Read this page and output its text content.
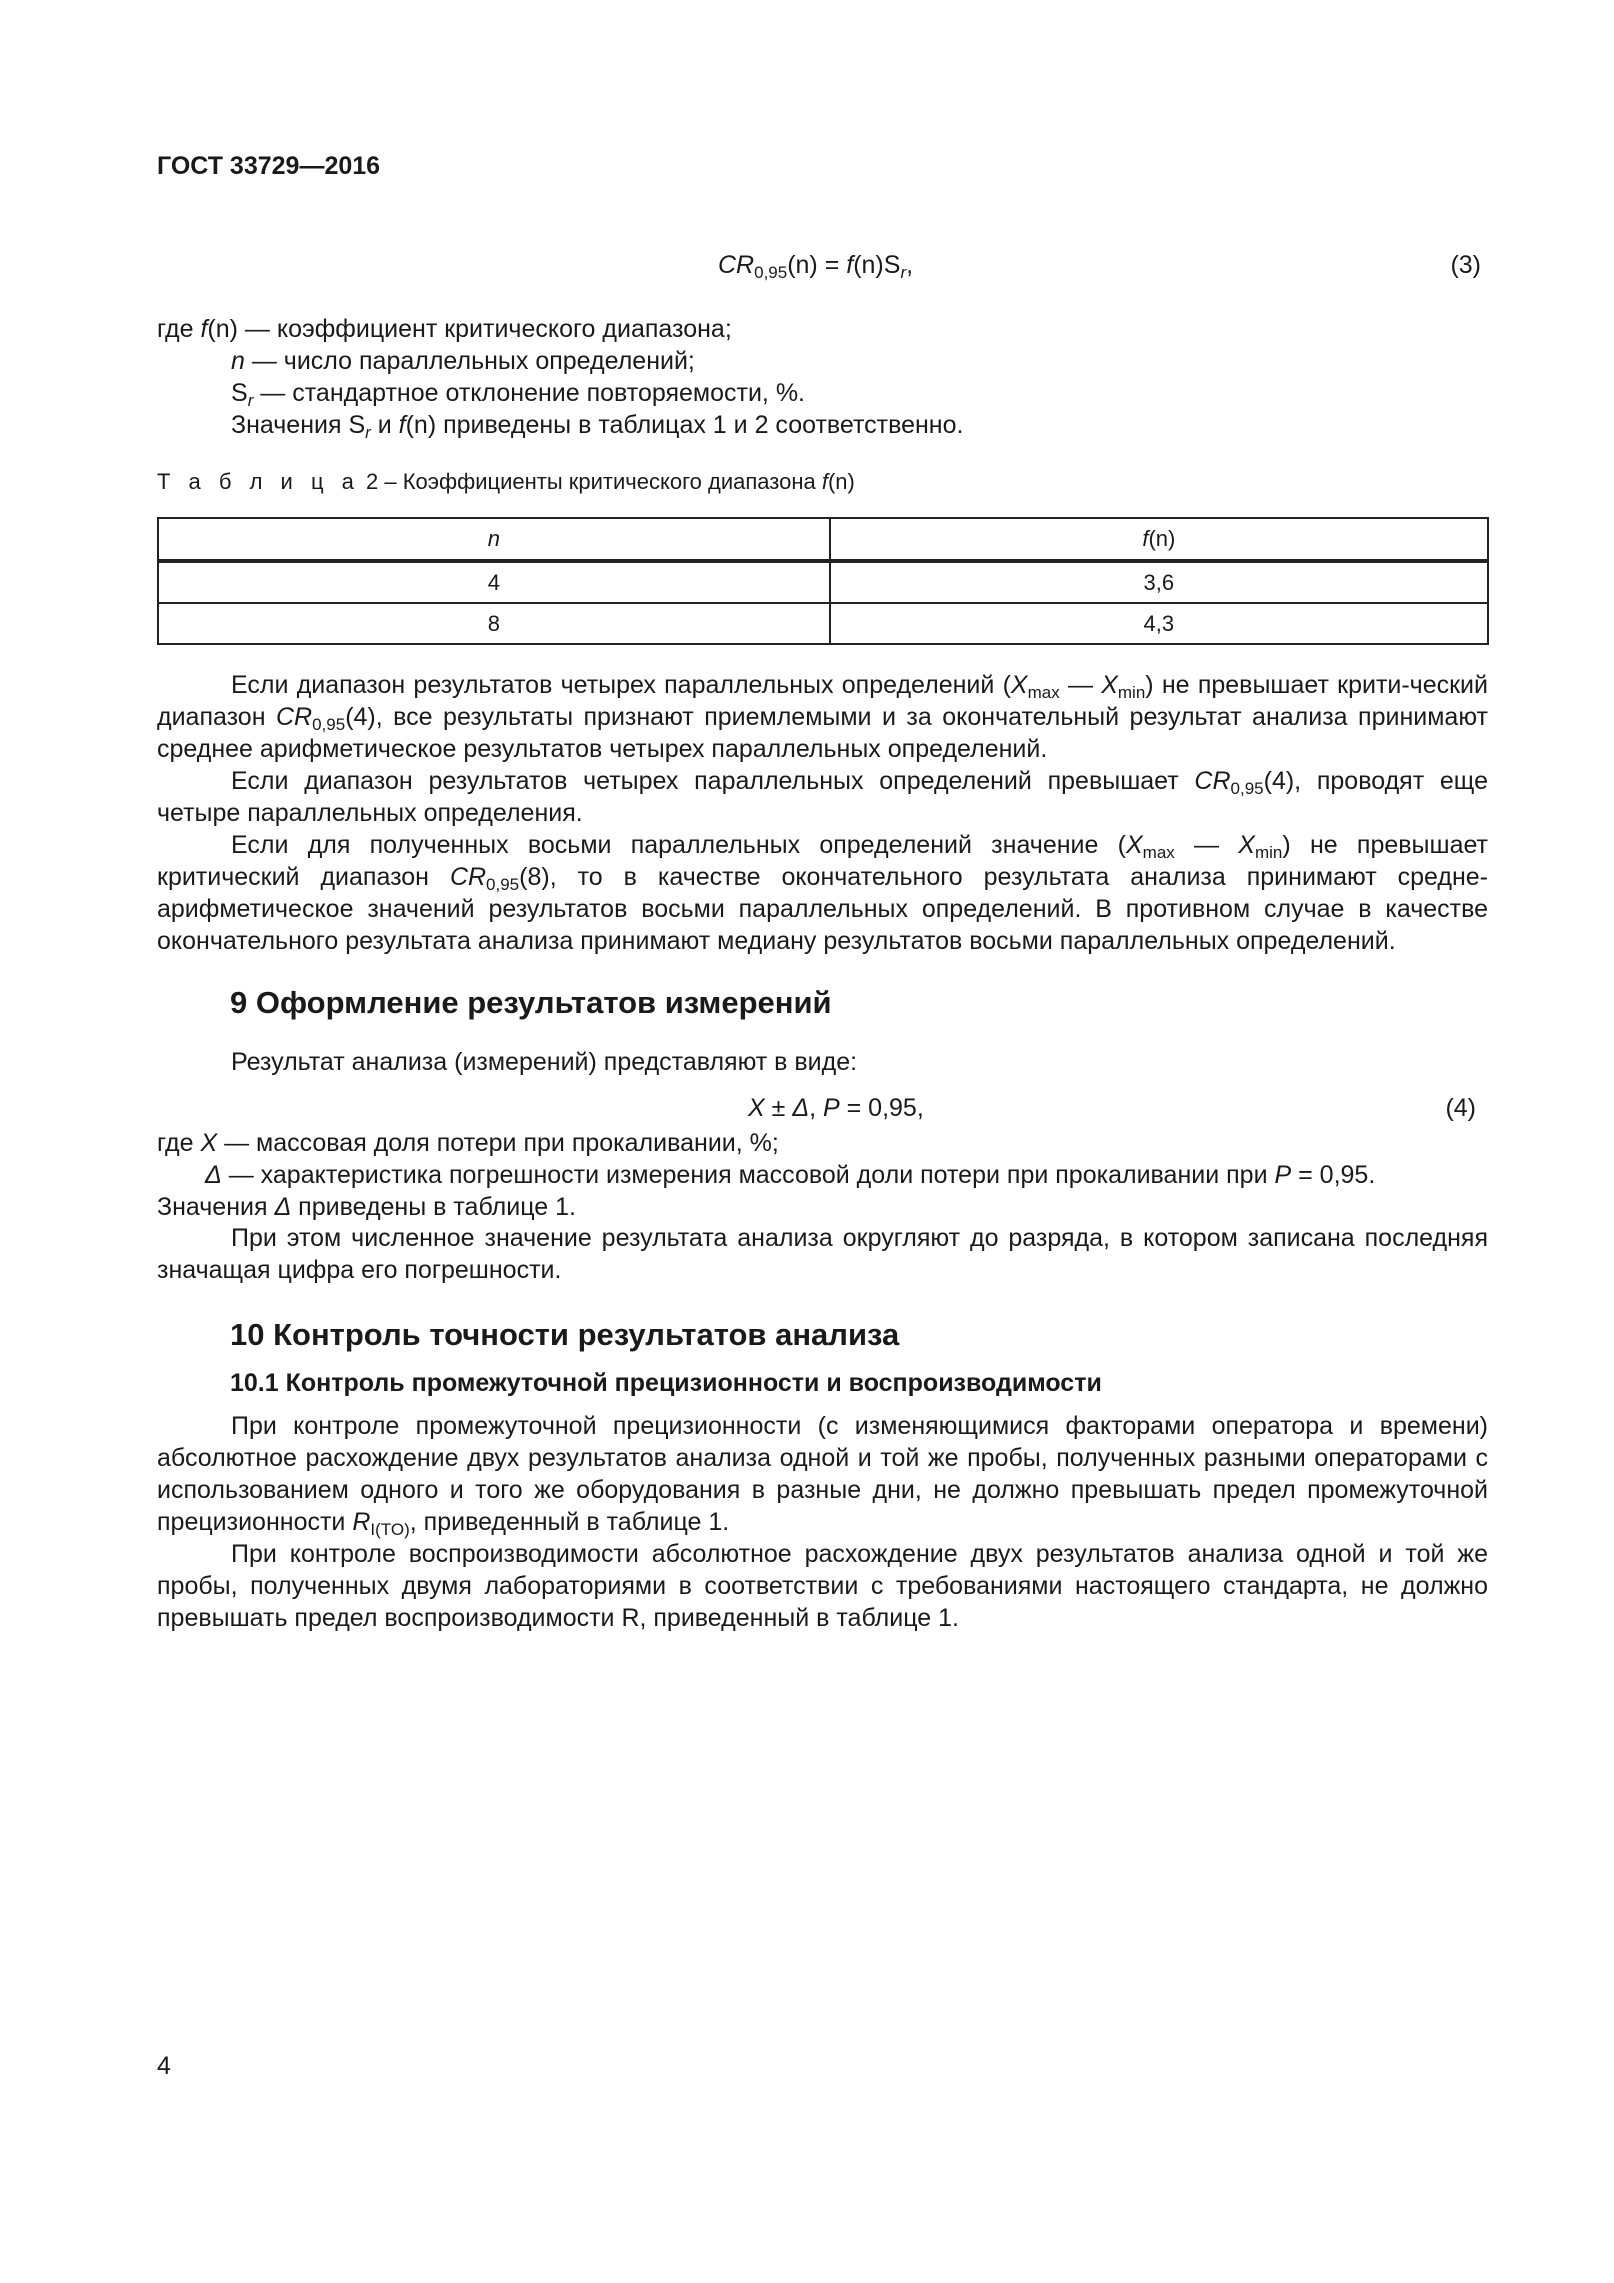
ГОСТ 33729—2016
$CR_{0,95}(n) = f(n)S_r$,	(3)

где f(n) — коэффициент критического диапазона;

n — число параллельных определений;

$S_r$ — стандартное отклонение повторяемости, %.

Значения $S_r$ и f(n) приведены в таблицах 1 и 2 соответственно.

Т а б л и ц а 2 – Коэффициенты критического диапазона f(n)
n	f(n)
4	3,6
8	4,3

Если диапазон результатов четырех параллельных определений ($X_{max}$ — $X_{min}$) не превышает крити-ческий диапазон $CR_{0,95}(4)$, все результаты признают приемлемыми и за окончательный результат анализа принимают среднее арифметическое результатов четырех параллельных определений.

Если диапазон результатов четырех параллельных определений превышает $CR_{0,95}(4)$, проводят еще четыре параллельных определения.

Если для полученных восьми параллельных определений значение ($X_{max}$ — $X_{min}$) не превышает критический диапазон $CR_{0,95}(8)$, то в качестве окончательного результата анализа принимают средне-арифметическое значений результатов восьми параллельных определений. В противном случае в качестве окончательного результата анализа принимают медиану результатов восьми параллельных определений.

9 Оформление результатов измерений
Результат анализа (измерений) представляют в виде:
X ± Δ, P = 0,95,	(4)

где X — массовая доля потери при прокаливании, %;

Δ — характеристика погрешности измерения массовой доли потери при прокаливании при P = 0,95.

Значения Δ приведены в таблице 1.

При этом численное значение результата анализа округляют до разряда, в котором записана последняя значащая цифра его погрешности.
10 Контроль точности результатов анализа
10.1 Контроль промежуточной прецизионности и воспроизводимости

При контроле промежуточной прецизионности (с изменяющимися факторами оператора и времени) абсолютное расхождение двух результатов анализа одной и той же пробы, полученных разными операторами с использованием одного и того же оборудования в разные дни, не должно превышать предел промежуточной прецизионности $R_{I(TO)}$, приведенный в таблице 1.

При контроле воспроизводимости абсолютное расхождение двух результатов анализа одной и той же пробы, полученных двумя лабораториями в соответствии с требованиями настоящего стандарта, не должно превышать предел воспроизводимости R, приведенный в таблице 1.

4
